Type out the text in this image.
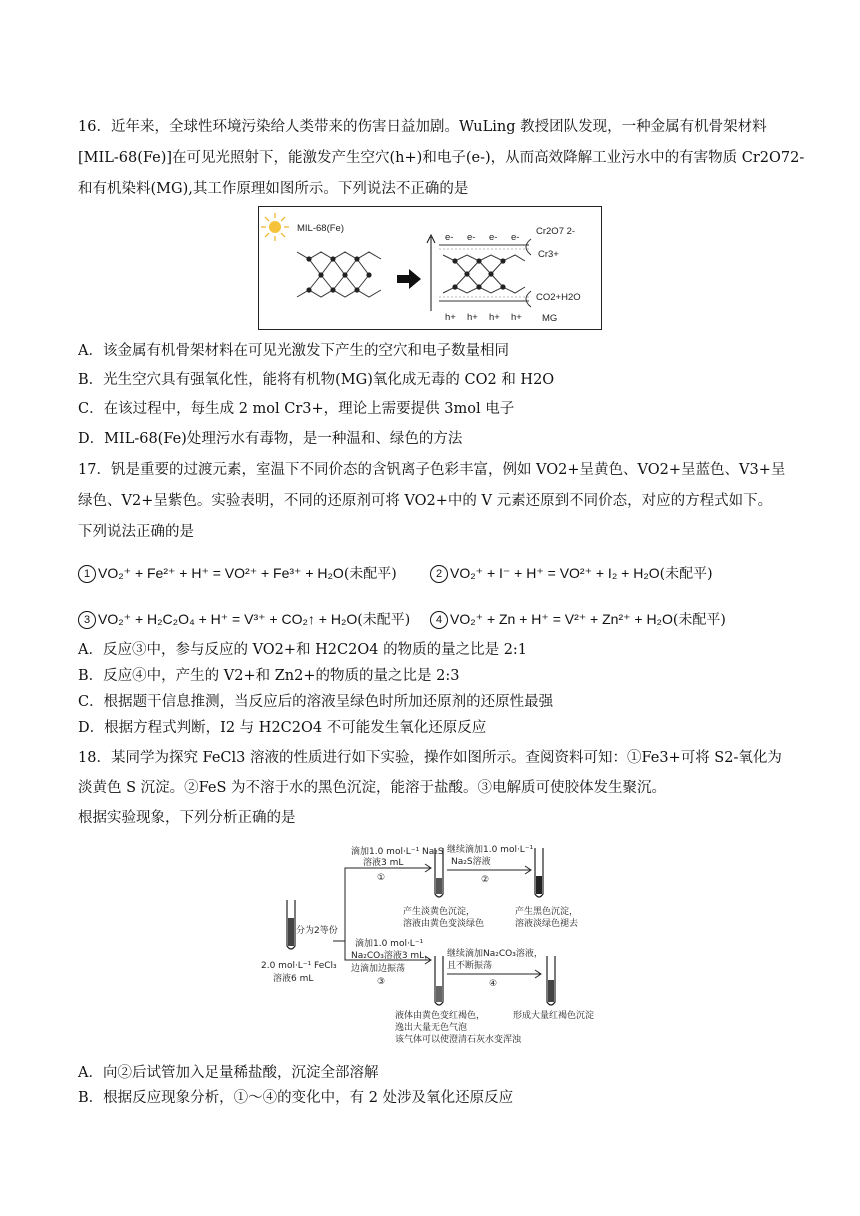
16．近年来，全球性环境污染给人类带来的伤害日益加剧。WuLing 教授团队发现，一种金属有机骨架材料
[MIL-68(Fe)]在可见光照射下，能激发产生空穴(h+)和电子(e-)，从而高效降解工业污水中的有害物质 Cr2O72-
和有机染料(MG),其工作原理如图所示。下列说法不正确的是
MIL-68(Fe)
e- e- e- e-
h+ h+ h+ h+
Cr2O7 2-
Cr3+
CO2+H2O
MG
A．该金属有机骨架材料在可见光激发下产生的空穴和电子数量相同
B．光生空穴具有强氧化性，能将有机物(MG)氧化成无毒的 CO2 和 H2O
C．在该过程中，每生成 2 mol Cr3+，理论上需要提供 3mol 电子
D．MIL-68(Fe)处理污水有毒物，是一种温和、绿色的方法
17．钒是重要的过渡元素，室温下不同价态的含钒离子色彩丰富，例如 VO2+呈黄色、VO2+呈蓝色、V3+呈
绿色、V2+呈紫色。实验表明，不同的还原剂可将 VO2+中的 V 元素还原到不同价态，对应的方程式如下。
下列说法正确的是
1 VO₂⁺ + Fe²⁺ + H⁺ = VO²⁺ + Fe³⁺ + H₂O(未配平)	2 VO₂⁺ + I⁻ + H⁺ = VO²⁺ + I₂ + H₂O(未配平)
3 VO₂⁺ + H₂C₂O₄ + H⁺ = V³⁺ + CO₂↑ + H₂O(未配平)	4 VO₂⁺ + Zn + H⁺ = V²⁺ + Zn²⁺ + H₂O(未配平)
A．反应③中，参与反应的 VO2+和 H2C2O4 的物质的量之比是 2:1
B．反应④中，产生的 V2+和 Zn2+的物质的量之比是 2:3
C．根据题干信息推测，当反应后的溶液呈绿色时所加还原剂的还原性最强
D．根据方程式判断，I2 与 H2C2O4 不可能发生氧化还原反应
18．某同学为探究 FeCl3 溶液的性质进行如下实验，操作如图所示。查阅资料可知：①Fe3+可将 S2-氧化为
淡黄色 S 沉淀。②FeS 为不溶于水的黑色沉淀，能溶于盐酸。③电解质可使胶体发生聚沉。
根据实验现象，下列分析正确的是
分为2等份
2.0 mol·L⁻¹ FeCl₃
溶液6 mL
滴加1.0 mol·L⁻¹ Na₂S
溶液3 mL
①
继续滴加1.0 mol·L⁻¹
Na₂S溶液
②
产生淡黄色沉淀，
溶液由黄色变淡绿色
产生黑色沉淀，
溶液淡绿色褪去
滴加1.0 mol·L⁻¹
Na₂CO₃溶液3 mL，
边滴加边振荡
③
继续滴加Na₂CO₃溶液，
且不断振荡
④
液体由黄色变红褐色，
逸出大量无色气泡
该气体可以使澄清石灰水变浑浊
形成大量红褐色沉淀
A．向②后试管加入足量稀盐酸，沉淀全部溶解
B．根据反应现象分析，①～④的变化中，有 2 处涉及氧化还原反应
